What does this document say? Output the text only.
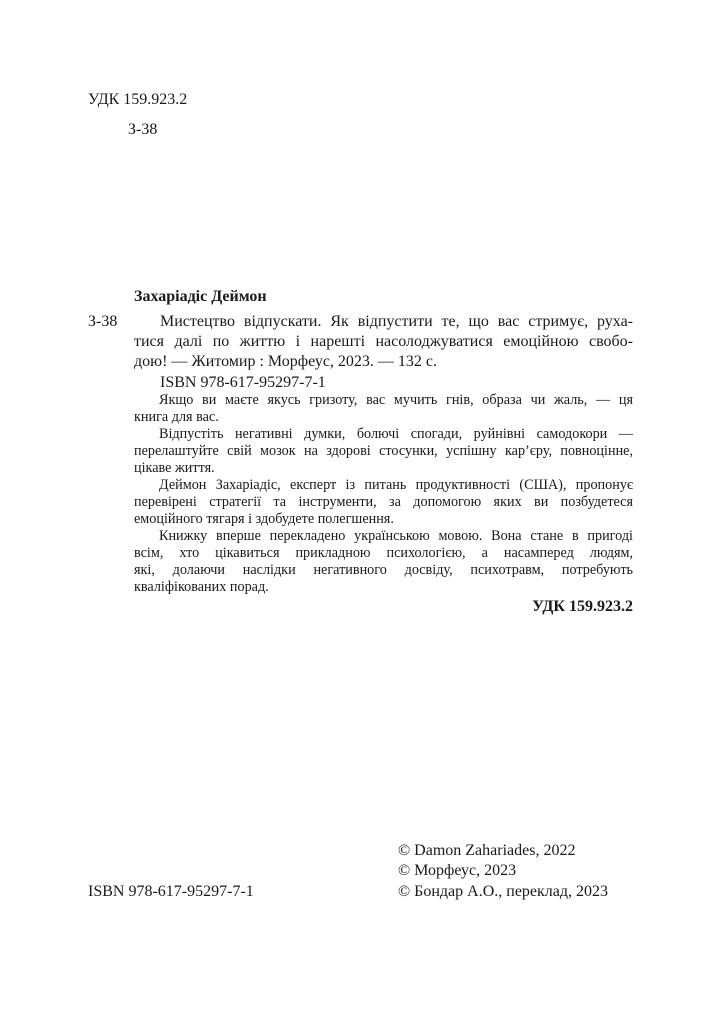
УДК 159.923.2
З-38
Захаріадіс Деймон
З-38	Мистецтво відпускати. Як відпустити те, що вас стримує, руха-
тися далі по життю і нарешті насолоджуватися емоційною свобо-
дою! — Житомир : Морфеус, 2023. — 132 с.
ISBN 978-617-95297-7-1
Якщо ви маєте якусь гризоту, вас мучить гнів, образа чи жаль, — ця
книга для вас.
Відпустіть негативні думки, болючі спогади, руйнівні самодокори —
перелаштуйте свій мозок на здорові стосунки, успішну кар’єру, повноцінне,
цікаве життя.
Деймон Захаріадіс, експерт із питань продуктивності (США), пропонує
перевірені стратегії та інструменти, за допомогою яких ви позбудетеся
емоційного тягаря і здобудете полегшення.
Книжку вперше перекладено українською мовою. Вона стане в пригоді
всім, хто цікавиться прикладною психологією, а насамперед людям,
які, долаючи наслідки негативного досвіду, психотравм, потребують
кваліфікованих порад.
УДК 159.923.2
ISBN 978-617-95297-7-1
© Damon Zahariades, 2022
© Морфеус, 2023
© Бондар А.О., переклад, 2023
